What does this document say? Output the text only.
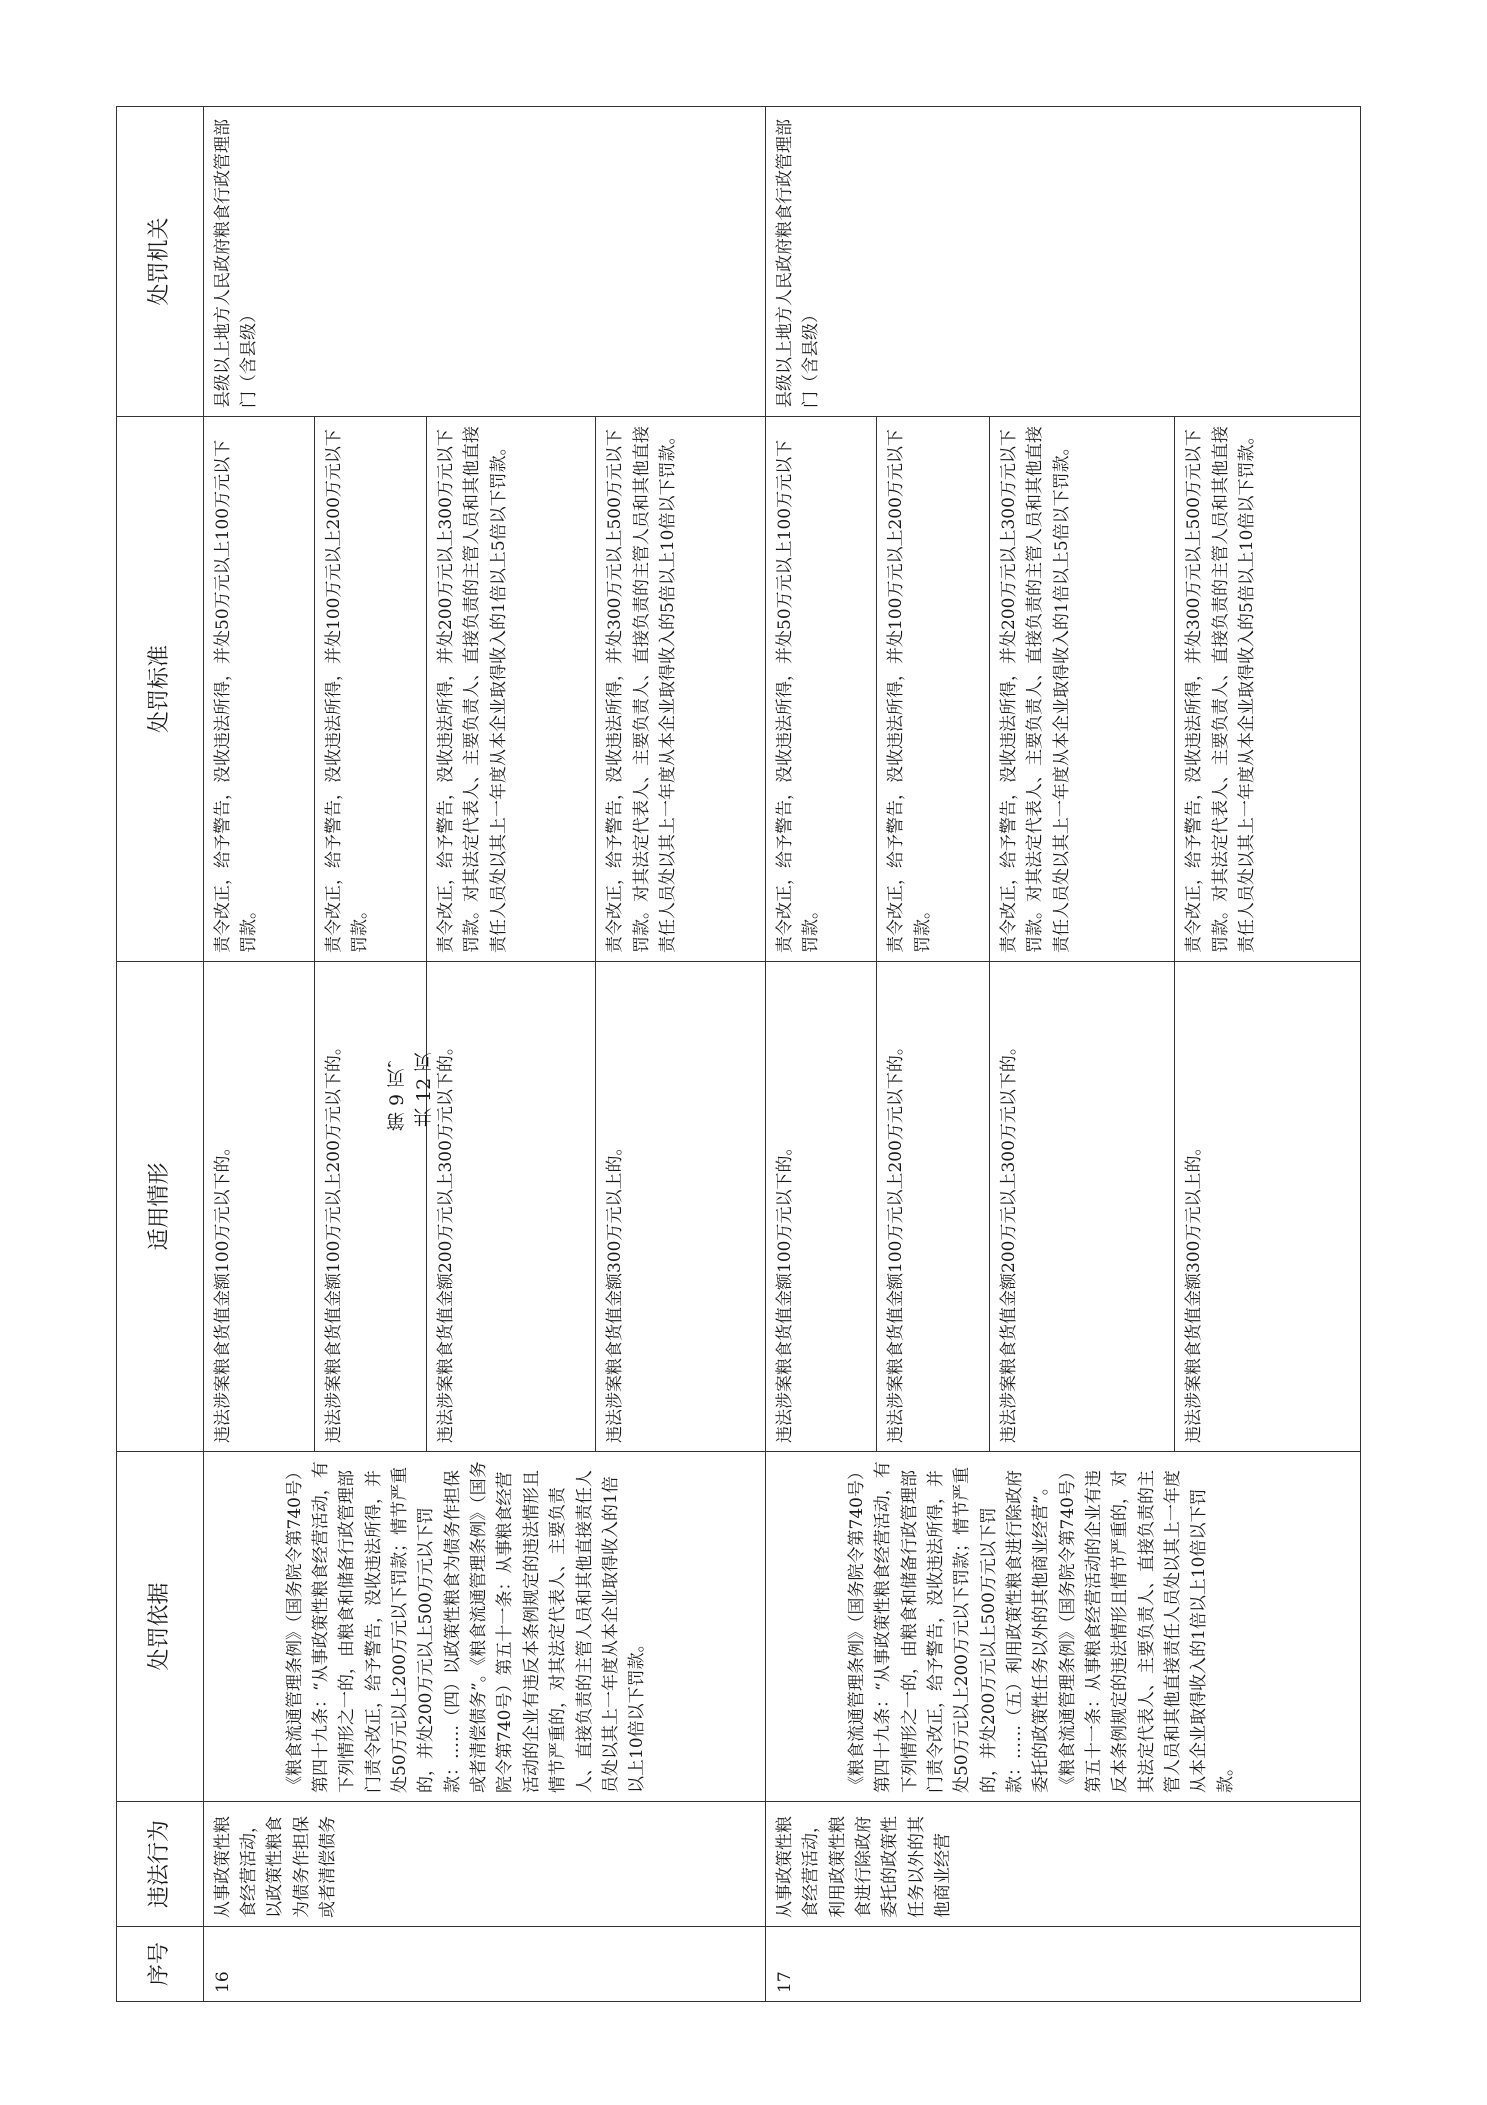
序号	违法行为	处罚依据	适用情形	处罚标准	处罚机关
16	从事政策性粮食经营活动，以政策性粮食为债务作担保或者清偿债务	《粮食流通管理条例》（国务院令第740号）第四十九条：“从事政策性粮食经营活动，有下列情形之一的，由粮食和储备行政管理部门责令改正，给予警告，没收违法所得，并处50万元以上200万元以下罚款；情节严重的，并处200万元以上500万元以下罚款：……（四）以政策性粮食为债务作担保或者清偿债务”。《粮食流通管理条例》（国务院令第740号）第五十一条：从事粮食经营活动的企业有违反本条例规定的违法情形且情节严重的，对其法定代表人、主要负责人、直接负责的主管人员和其他直接责任人员处以其上一年度从本企业取得收入的1倍以上10倍以下罚款。	违法涉案粮食货值金额100万元以下的。	责令改正，给予警告，没收违法所得，并处50万元以上100万元以下罚款。	县级以上地方人民政府粮食行政管理部门（含县级）
			违法涉案粮食货值金额100万元以上200万元以下的。	责令改正，给予警告，没收违法所得，并处100万元以上200万元以下罚款。	
			违法涉案粮食货值金额200万元以上300万元以下的。	责令改正，给予警告，没收违法所得，并处200万元以上300万元以下罚款。对其法定代表人、主要负责人、直接负责的主管人员和其他直接责任人员处以其上一年度从本企业取得收入的1倍以上5倍以下罚款。	
			违法涉案粮食货值金额300万元以上的。	责令改正，给予警告，没收违法所得，并处300万元以上500万元以下罚款。对其法定代表人、主要负责人、直接负责的主管人员和其他直接责任人员处以其上一年度从本企业取得收入的5倍以上10倍以下罚款。	
17	从事政策性粮食经营活动，利用政策性粮食进行除政府委托的政策性任务以外的其他商业经营	《粮食流通管理条例》（国务院令第740号）第四十九条：“从事政策性粮食经营活动，有下列情形之一的，由粮食和储备行政管理部门责令改正，给予警告，没收违法所得，并处50万元以上200万元以下罚款；情节严重的，并处200万元以上500万元以下罚款：……（五）利用政策性粮食进行除政府委托的政策性任务以外的其他商业经营”。《粮食流通管理条例》（国务院令第740号）第五十一条：从事粮食经营活动的企业有违反本条例规定的违法情形且情节严重的，对其法定代表人、主要负责人、直接负责的主管人员和其他直接责任人员处以其上一年度从本企业取得收入的1倍以上10倍以下罚款。	违法涉案粮食货值金额100万元以下的。	责令改正，给予警告，没收违法所得，并处50万元以上100万元以下罚款。	县级以上地方人民政府粮食行政管理部门（含县级）
			违法涉案粮食货值金额100万元以上200万元以下的。	责令改正，给予警告，没收违法所得，并处100万元以上200万元以下罚款。	
			违法涉案粮食货值金额200万元以上300万元以下的。	责令改正，给予警告，没收违法所得，并处200万元以上300万元以下罚款。对其法定代表人、主要负责人、直接负责的主管人员和其他直接责任人员处以其上一年度从本企业取得收入的1倍以上5倍以下罚款。	
			违法涉案粮食货值金额300万元以上的。	责令改正，给予警告，没收违法所得，并处300万元以上500万元以下罚款。对其法定代表人、主要负责人、直接负责的主管人员和其他直接责任人员处以其上一年度从本企业取得收入的5倍以上10倍以下罚款。	
第 9 页，共 12 页
